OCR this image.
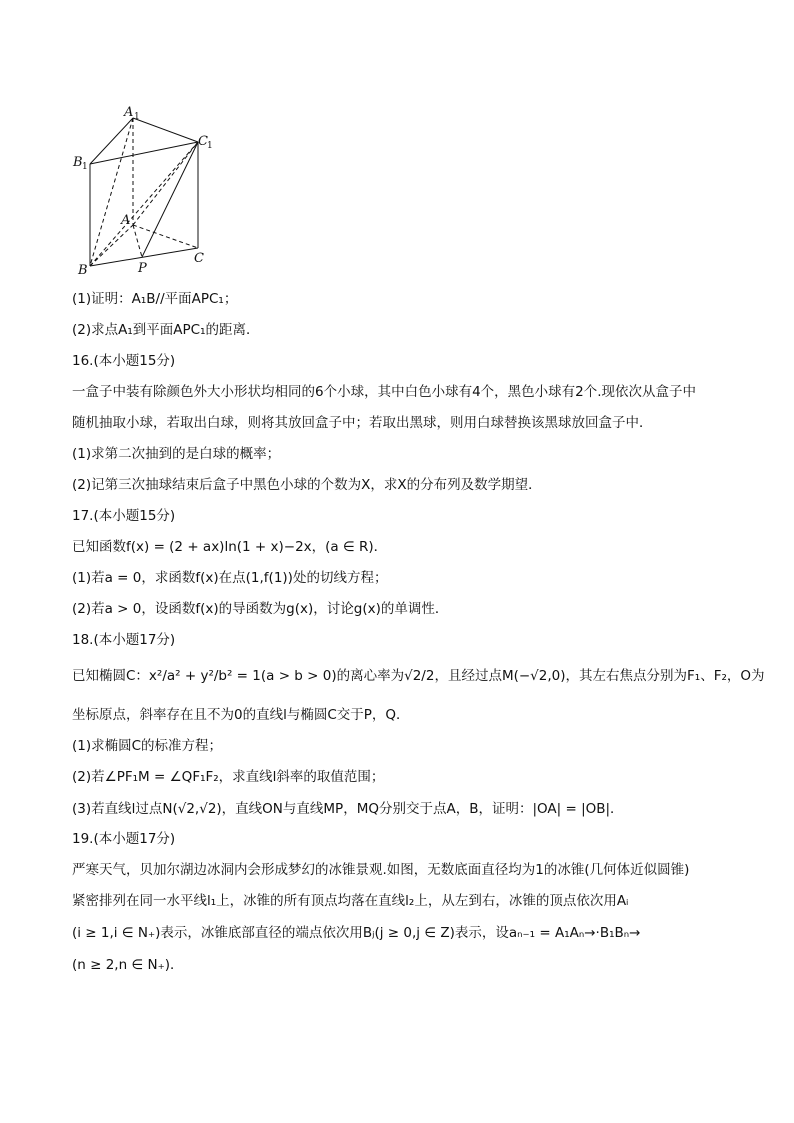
A 1
B 1
C 1
A
B
C
P
(1)证明：A₁B//平面APC₁；
(2)求点A₁到平面APC₁的距离．
16.(本小题15分)
一盒子中装有除颜色外大小形状均相同的6个小球，其中白色小球有4个，黑色小球有2个.现依次从盒子中
随机抽取小球，若取出白球，则将其放回盒子中；若取出黑球，则用白球替换该黑球放回盒子中．
(1)求第二次抽到的是白球的概率；
(2)记第三次抽球结束后盒子中黑色小球的个数为X，求X的分布列及数学期望．
17.(本小题15分)
已知函数f(x) = (2 + ax)ln(1 + x)−2x，(a ∈ R)．
(1)若a = 0，求函数f(x)在点(1,f(1))处的切线方程；
(2)若a > 0，设函数f(x)的导函数为g(x)，讨论g(x)的单调性．
18.(本小题17分)
已知椭圆C：x²/a² + y²/b² = 1(a > b > 0)的离心率为√2/2，且经过点M(−√2,0)，其左右焦点分别为F₁、F₂，O为
坐标原点，斜率存在且不为0的直线l与椭圆C交于P，Q．
(1)求椭圆C的标准方程；
(2)若∠PF₁M = ∠QF₁F₂，求直线l斜率的取值范围；
(3)若直线l过点N(√2,√2)，直线ON与直线MP，MQ分别交于点A，B，证明：|OA| = |OB|．
19.(本小题17分)
严寒天气，贝加尔湖边冰洞内会形成梦幻的冰锥景观.如图，无数底面直径均为1的冰锥(几何体近似圆锥)
紧密排列在同一水平线l₁上，冰锥的所有顶点均落在直线l₂上，从左到右，冰锥的顶点依次用Aᵢ
(i ≥ 1,i ∈ N₊)表示，冰锥底部直径的端点依次用Bⱼ(j ≥ 0,j ∈ Z)表示，设aₙ₋₁ = A₁Aₙ→·B₁Bₙ→
(n ≥ 2,n ∈ N₊)．
